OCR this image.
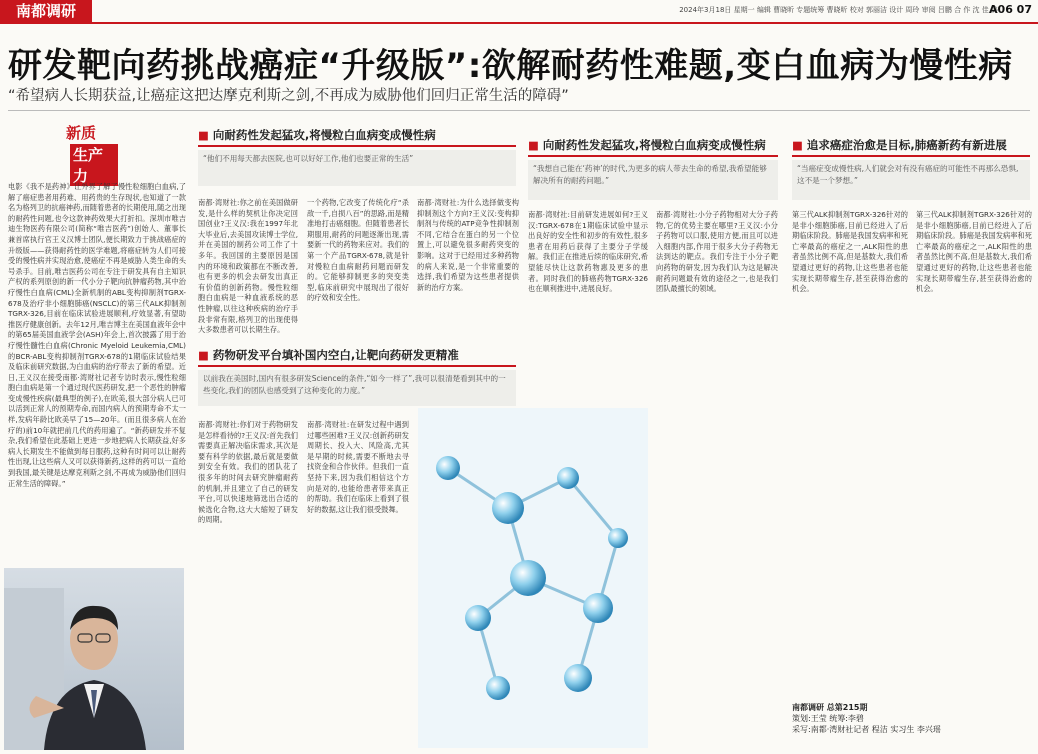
南都调研	2024年3月18日 星期一 编辑 曹晓昕 专题统筹 曹晓昕 校对 郭丽洁 设计 周玲 审阅 吕鹏 合 作 沈 佳 美
A06 07
研发靶向药挑战癌症“升级版”:欲解耐药性难题,变白血病为慢性病
“希望病人长期获益,让癌症这把达摩克利斯之剑,不再成为威胁他们回归正常生活的障碍”
新质
生产力
电影《我不是药神》让外界了解了慢性粒细胞白血病,了解了癌症患者用药难、用药贵的生存现状,也知道了一款名为格列卫的抗癌神药,而随着患者的长期使用,随之出现的耐药性问题,也令这款神药效果大打折扣。深圳市唯吉迪生物医药有限公司(简称“唯吉医药”)创始人、董事长兼首席执行官王义汉博士团队,便长期致力于挑战癌症的升级版——获得耐药性的医学难题,将癌症转为人们可接受的慢性病并实现治愈,使癌症不再是威胁人类生命的头号杀手。目前,唯吉医药公司在专注于研发具有自主知识产权的系列原创的新一代小分子靶向抗肿瘤药物,其中治疗慢性白血病(CML)全新机制的ABL变构抑制剂TGRX-678及治疗非小细胞肺癌(NSCLC)的第三代ALK抑制剂TGRX-326,目前在临床试验进展顺利,疗效显著,有望助推医疗健康创新。去年12月,唯吉博主在美国血液年会中的第65届美国血液学会(ASH)年会上,首次披露了用于治疗慢性髓性白血病(Chronic Myeloid Leukemia,CML)的BCR-ABL变构抑制剂TGRX-678的1期临床试验结果及临床前研究数据,为白血病的治疗带去了新的希望。近日,王义汉在接受南都·湾财社记者专访时表示,慢性粒细胞白血病是第一个通过现代医药研发,把一个恶性的肿瘤变成慢性疾病(最典型的例子),在欧美,很大部分病人已可以活到正常人的预期寿命,而国内病人的预期寿命不太一样,发病年龄比欧美早了15—20年。(而且很多病人在治疗的)前10年就把前几代的药用遍了。“新药研发并不复杂,我们希望在此基础上更进一步地把病人长期获益,好多病人长期发生不能做到每日服药,这种有时间可以让耐药性出现,让这些病人又可以获得新药,这样的药可以一直给到我国,最关键是达摩克利斯之剑,不再成为威胁他们回归正常生活的障碍。”
■ 向耐药性发起猛攻,将慢粒白血病变成慢性病
“他们不用每天都去医院,也可以好好工作,他们也要正常的生活”
南都·湾财社:你之前在美国做研发,是什么样的契机让你决定回国创业?王义汉:我在1997年北大毕业后,去美国攻读博士学位,并在美国的制药公司工作了十多年。我回国的主要原因是国内的环境和政策都在不断改善,也有更多的机会去研发出真正有价值的创新药物。慢性粒细胞白血病是一种血液系统的恶性肿瘤,以往这种疾病的治疗手段非常有限,格列卫的出现使得大多数患者可以长期生存。
一个药物,它改变了传统化疗“杀敌一千,自损八百”的思路,而是精准地打击癌细胞。但随着患者长期服用,耐药的问题逐渐出现,需要新一代的药物来应对。我们的第一个产品TGRX-678,就是针对慢粒白血病耐药问题而研发的。它能够抑制更多的突变类型,临床前研究中展现出了很好的疗效和安全性。
南都·湾财社:为什么选择做变构抑制剂这个方向?王义汉:变构抑制剂与传统的ATP竞争性抑制剂不同,它结合在蛋白的另一个位置上,可以避免很多耐药突变的影响。这对于已经用过多种药物的病人来说,是一个非常重要的选择,我们希望为这些患者提供新的治疗方案。
■ 药物研发平台填补国内空白,让靶向药研发更精准
以前我在美国时,国内有很多研发Science的条件,“如今一样了”,我可以很清楚看到其中的一些变化,我们的团队也感受到了这种变化的力度。”
南都·湾财社:你们对于药物研发是怎样看待的?王义汉:首先我们需要真正解决临床需求,其次是要有科学的依据,最后就是要做到安全有效。我们的团队花了很多年的时间去研究肿瘤耐药的机制,并且建立了自己的研发平台,可以快速地筛选出合适的候选化合物,这大大缩短了研发的周期。
南都·湾财社:在研发过程中遇到过哪些困难?王义汉:创新药研发周期长、投入大、风险高,尤其是早期的时候,需要不断地去寻找资金和合作伙伴。但我们一直坚持下来,因为我们相信这个方向是对的,也能给患者带来真正的帮助。我们在临床上看到了很好的数据,这让我们很受鼓舞。
■ 向耐药性发起猛攻,将慢粒白血病变成慢性病
“我想自己能在‘药神’的时代,为更多的病人带去生命的希望,我希望能够解决所有的耐药问题。”
南都·湾财社:目前研发进展如何?王义汉:TGRX-678在1期临床试验中显示出良好的安全性和初步的有效性,很多患者在用药后获得了主要分子学缓解。我们正在推进后续的临床研究,希望能尽快让这款药物惠及更多的患者。同时我们的肺癌药物TGRX-326也在顺利推进中,进展良好。
南都·湾财社:小分子药物相对大分子药物,它的优势主要在哪里?王义汉:小分子药物可以口服,使用方便,而且可以进入细胞内部,作用于很多大分子药物无法到达的靶点。我们专注于小分子靶向药物的研发,因为我们认为这是解决耐药问题最有效的途径之一,也是我们团队最擅长的领域。
■ 追求癌症治愈是目标,肺癌新药有新进展
“当癌症变成慢性病,人们就会对有没有癌症的可能性不再那么恐惧,这不是一个梦想。”
第三代ALK抑制剂TGRX-326针对的是非小细胞肺癌,目前已经进入了后期临床阶段。肺癌是我国发病率和死亡率最高的癌症之一,ALK阳性的患者虽然比例不高,但是基数大,我们希望通过更好的药物,让这些患者也能实现长期带瘤生存,甚至获得治愈的机会。
第三代ALK抑制剂TGRX-326针对的是非小细胞肺癌,目前已经进入了后期临床阶段。肺癌是我国发病率和死亡率最高的癌症之一,ALK阳性的患者虽然比例不高,但是基数大,我们希望通过更好的药物,让这些患者也能实现长期带瘤生存,甚至获得治愈的机会。
南都调研 总第215期
策划:王莹 统筹:李碧
采写:南都·湾财社记者 程洁 实习生 李兴瑶
